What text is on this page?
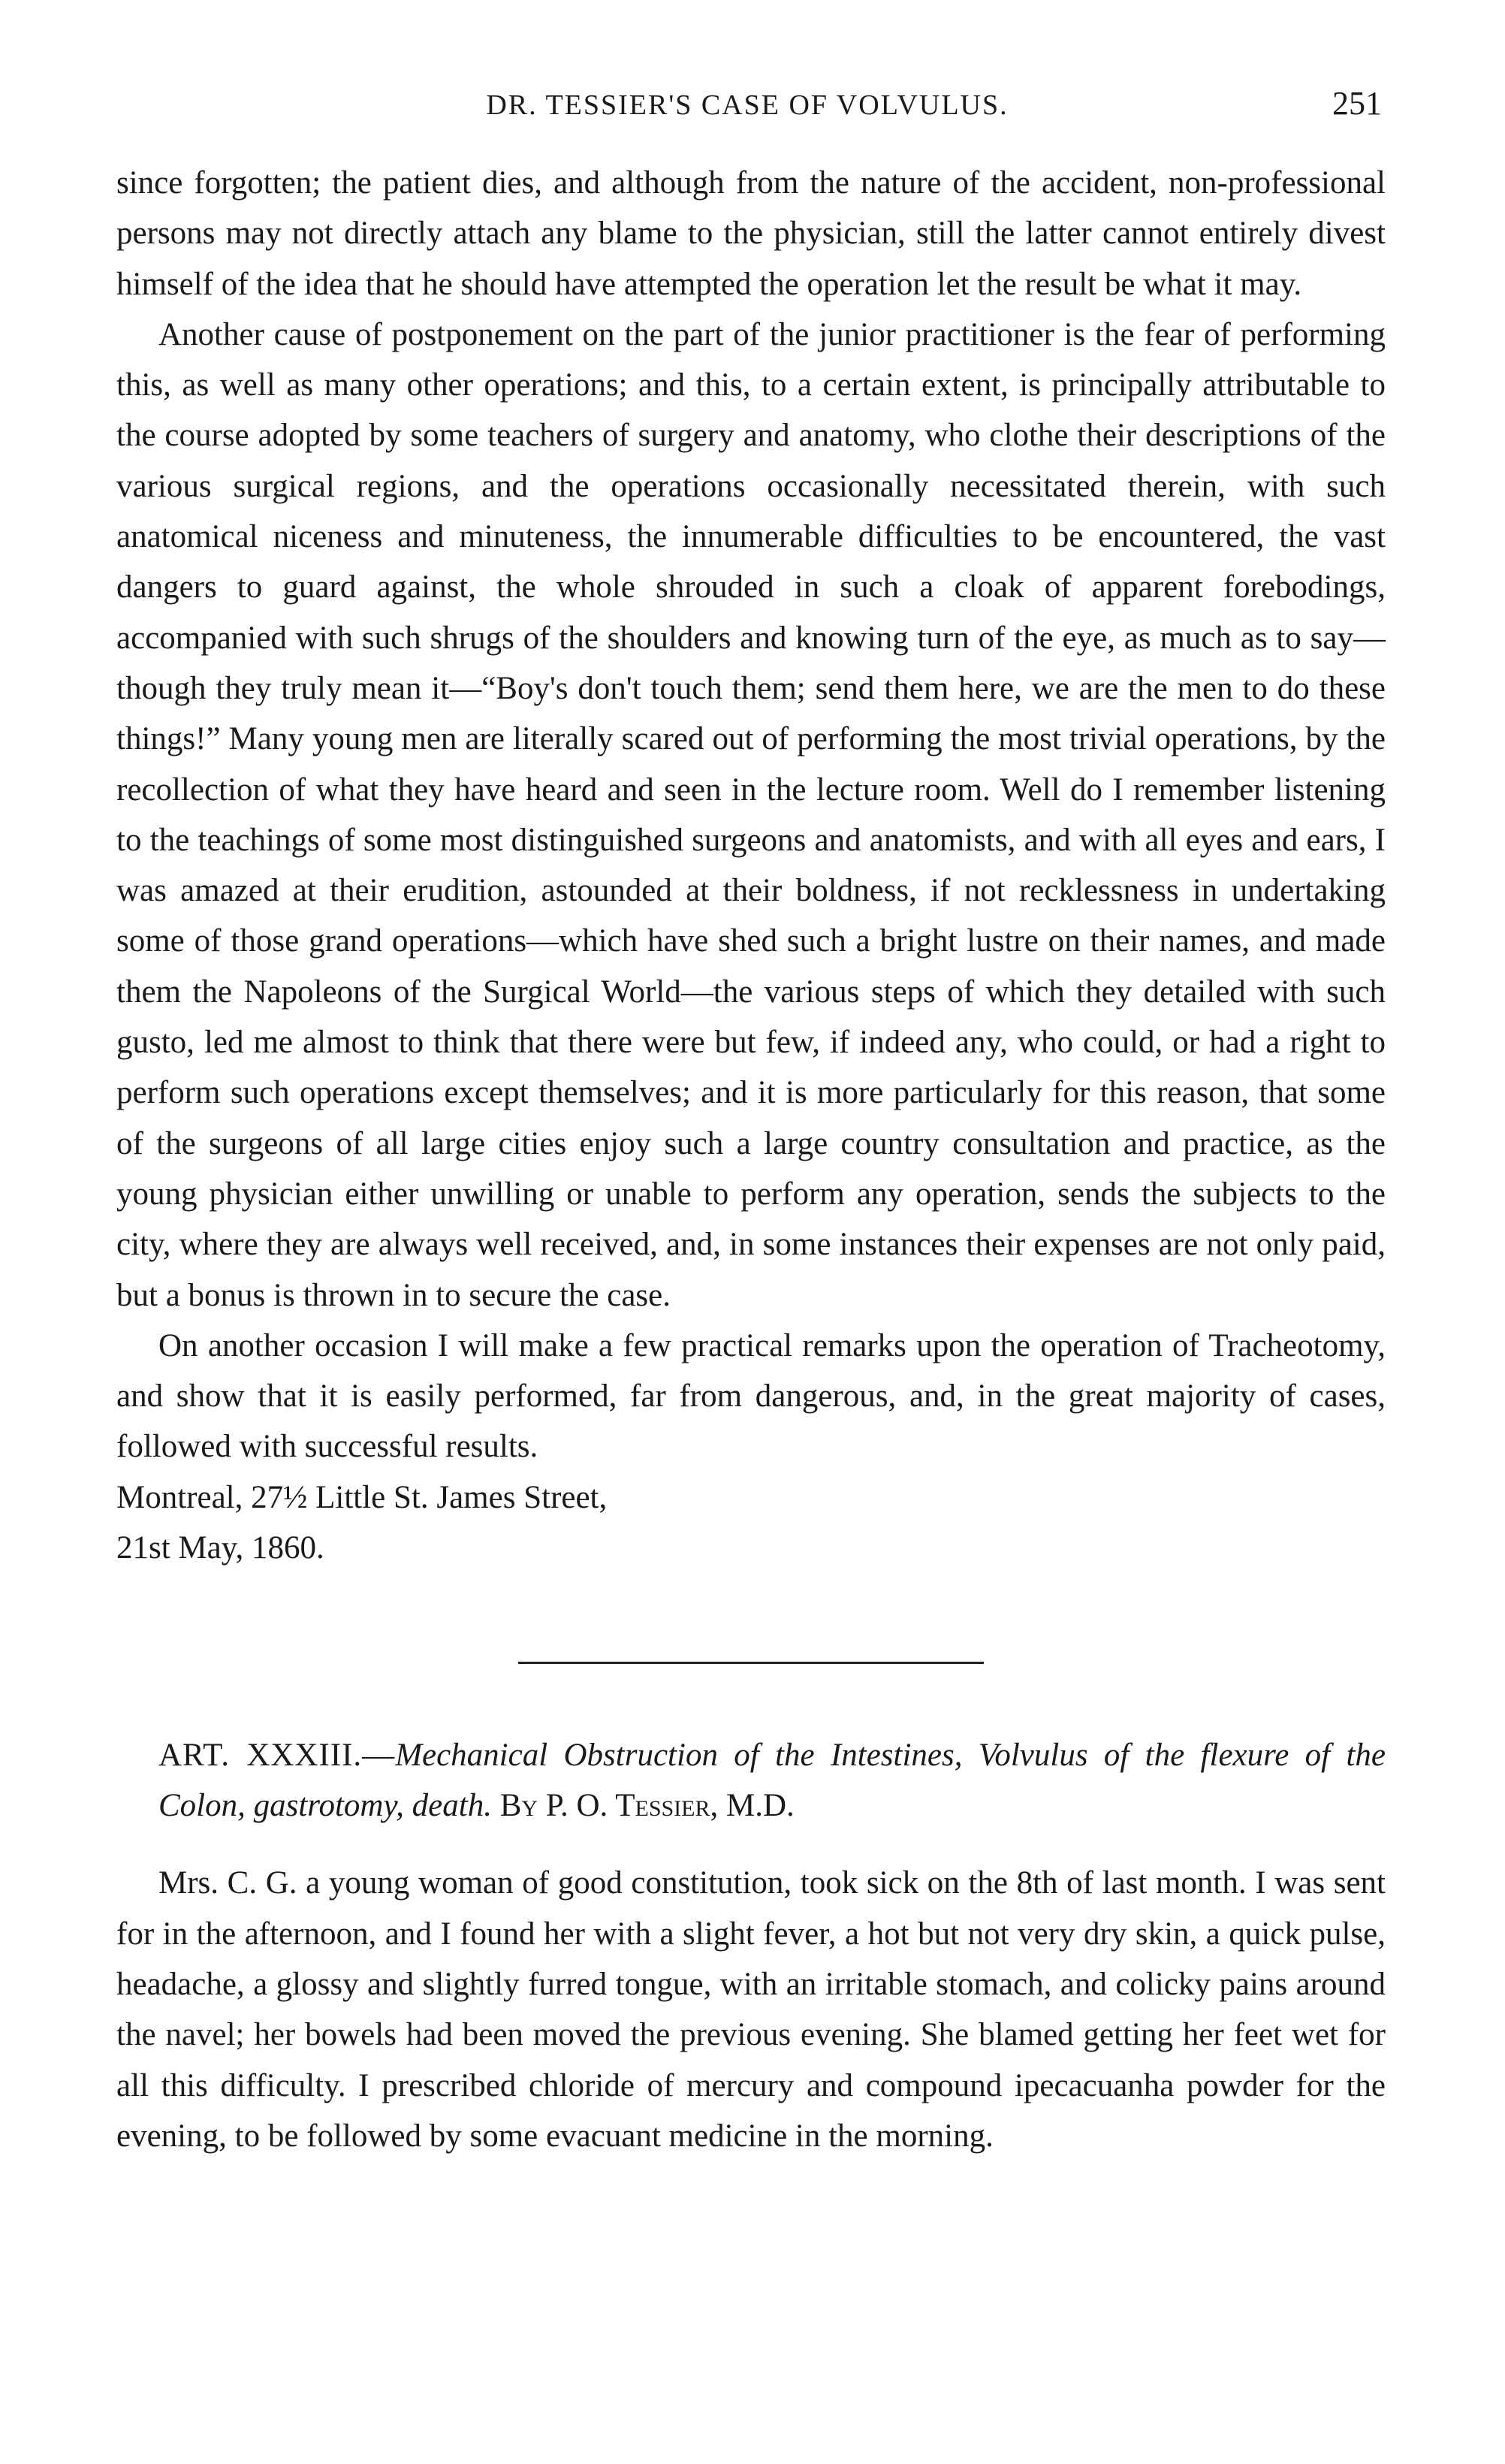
DR. TESSIER'S CASE OF VOLVULUS.	251

since forgotten; the patient dies, and although from the nature of the accident, non-professional persons may not directly attach any blame to the physician, still the latter cannot entirely divest himself of the idea that he should have attempted the operation let the result be what it may.

Another cause of postponement on the part of the junior practitioner is the fear of performing this, as well as many other operations; and this, to a certain extent, is principally attributable to the course adopted by some teachers of surgery and anatomy, who clothe their descriptions of the various surgical regions, and the operations occasionally necessitated therein, with such anatomical niceness and minuteness, the innumerable difficulties to be encountered, the vast dangers to guard against, the whole shrouded in such a cloak of apparent forebodings, accompanied with such shrugs of the shoulders and knowing turn of the eye, as much as to say—though they truly mean it—“Boy's don't touch them; send them here, we are the men to do these things!” Many young men are literally scared out of performing the most trivial operations, by the recollection of what they have heard and seen in the lecture room. Well do I remember listening to the teachings of some most distinguished surgeons and anatomists, and with all eyes and ears, I was amazed at their erudition, astounded at their boldness, if not recklessness in undertaking some of those grand operations—which have shed such a bright lustre on their names, and made them the Napoleons of the Surgical World—the various steps of which they detailed with such gusto, led me almost to think that there were but few, if indeed any, who could, or had a right to perform such operations except themselves; and it is more particularly for this reason, that some of the surgeons of all large cities enjoy such a large country consultation and practice, as the young physician either unwilling or unable to perform any operation, sends the subjects to the city, where they are always well received, and, in some instances their expenses are not only paid, but a bonus is thrown in to secure the case.

On another occasion I will make a few practical remarks upon the operation of Tracheotomy, and show that it is easily performed, far from dangerous, and, in the great majority of cases, followed with successful results.

Montreal, 27½ Little St. James Street,

21st May, 1860.

ART. XXXIII.—Mechanical Obstruction of the Intestines, Volvulus of the flexure of the Colon, gastrotomy, death. By P. O. Tessier, M.D.

Mrs. C. G. a young woman of good constitution, took sick on the 8th of last month. I was sent for in the afternoon, and I found her with a slight fever, a hot but not very dry skin, a quick pulse, headache, a glossy and slightly furred tongue, with an irritable stomach, and colicky pains around the navel; her bowels had been moved the previous evening. She blamed getting her feet wet for all this difficulty. I prescribed chloride of mercury and compound ipecacuanha powder for the evening, to be followed by some evacuant medicine in the morning.
